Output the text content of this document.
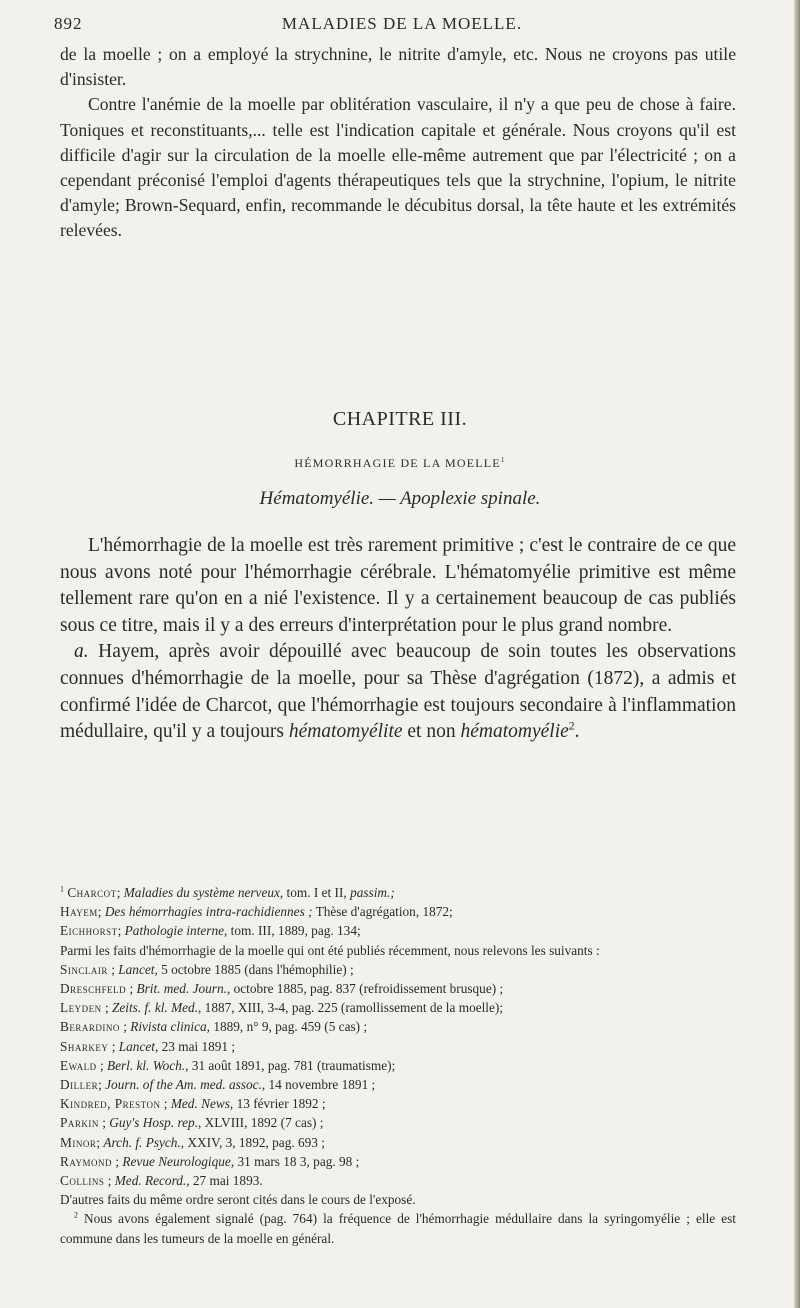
892	MALADIES DE LA MOELLE.

de la moelle ; on a employé la strychnine, le nitrite d'amyle, etc. Nous ne croyons pas utile d'insister.

Contre l'anémie de la moelle par oblitération vasculaire, il n'y a que peu de chose à faire. Toniques et reconstituants,... telle est l'indication capitale et générale. Nous croyons qu'il est difficile d'agir sur la circulation de la moelle elle-même autrement que par l'électricité ; on a cependant préconisé l'emploi d'agents thérapeutiques tels que la strychnine, l'opium, le nitrite d'amyle; Brown-Sequard, enfin, recommande le décubitus dorsal, la tête haute et les extrémités relevées.

CHAPITRE III.
HÉMORRHAGIE DE LA MOELLE$^1$
Hématomyélie. — Apoplexie spinale.

L'hémorrhagie de la moelle est très rarement primitive ; c'est le contraire de ce que nous avons noté pour l'hémorrhagie cérébrale. L'hématomyélie primitive est même tellement rare qu'on en a nié l'existence. Il y a certainement beaucoup de cas publiés sous ce titre, mais il y a des erreurs d'interprétation pour le plus grand nombre.

a. Hayem, après avoir dépouillé avec beaucoup de soin toutes les observations connues d'hémorrhagie de la moelle, pour sa Thèse d'agrégation (1872), a admis et confirmé l'idée de Charcot, que l'hémorrhagie est toujours secondaire à l'inflammation médullaire, qu'il y a toujours hématomyélite et non hématomyélie$^2$.

$^1$ Charcot; Maladies du système nerveux, tom. I et II, passim.;
Hayem; Des hémorrhagies intra-rachidiennes ; Thèse d'agrégation, 1872;
Eichhorst; Pathologie interne, tom. III, 1889, pag. 134;
Parmi les faits d'hémorrhagie de la moelle qui ont été publiés récemment, nous relevons les suivants :
Sinclair ; Lancet, 5 octobre 1885 (dans l'hémophilie) ;
Dreschfeld ; Brit. med. Journ., octobre 1885, pag. 837 (refroidissement brusque) ;
Leyden ; Zeits. f. kl. Med., 1887, XIII, 3-4, pag. 225 (ramollissement de la moelle);
Berardino ; Rivista clinica, 1889, n° 9, pag. 459 (5 cas) ;
Sharkey ; Lancet, 23 mai 1891 ;
Ewald ; Berl. kl. Woch., 31 août 1891, pag. 781 (traumatisme);
Diller; Journ. of the Am. med. assoc., 14 novembre 1891 ;
Kindred, Preston ; Med. News, 13 février 1892 ;
Parkin ; Guy's Hosp. rep., XLVIII, 1892 (7 cas) ;
Minor; Arch. f. Psych., XXIV, 3, 1892, pag. 693 ;
Raymond ; Revue Neurologique, 31 mars 18 3, pag. 98 ;
Collins ; Med. Record., 27 mai 1893.
D'autres faits du même ordre seront cités dans le cours de l'exposé.
$^2$ Nous avons également signalé (pag. 764) la fréquence de l'hémorrhagie médullaire dans la syringomyélie ; elle est commune dans les tumeurs de la moelle en général.
